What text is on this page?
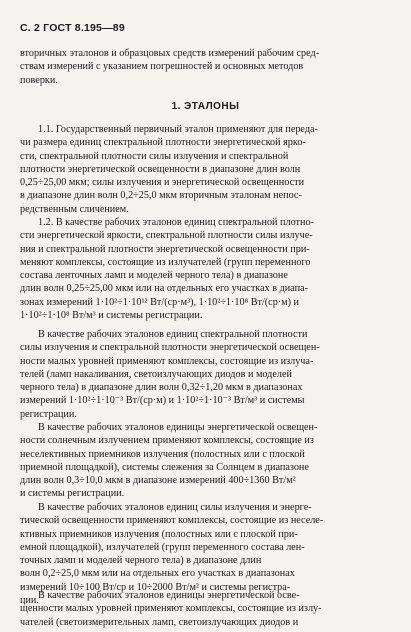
С. 2 ГОСТ 8.195—89
вторичных эталонов и образцовых средств измерений рабочим сред-
ствам измерений с указанием погрешностей и основных методов
поверки.
1. ЭТАЛОНЫ
1.1. Государственный первичный эталон применяют для переда-
чи размера единиц спектральной плотности энергетической ярко-
сти, спектральной плотности силы излучения и спектральной
плотности энергетической освещенности в диапазоне длин волн
0,25÷25,00 мкм; силы излучения и энергетической освещенности
в диапазоне длин волн 0,2÷25,0 мкм вторичным эталонам непос-
редственным сличением.
1.2. В качестве рабочих эталонов единиц спектральной плотно-
сти энергетической яркости, спектральной плотности силы излуче-
ния и спектральной плотности энергетической освещенности при-
меняют комплексы, состоящие из излучателей (групп переменного
состава ленточных ламп и моделей черного тела) в диапазоне
длин волн 0,25÷25,00 мкм или на отдельных его участках в диапа-
зонах измерений 1·10²÷1·10¹² Вт/(ср·м³), 1·10²÷1·10⁸ Вт/(ср·м) и
1·10²÷1·10⁸ Вт/м³ и системы регистрации.
В качестве рабочих эталонов единиц спектральной плотности
силы излучения и спектральной плотности энергетической освещен-
ности малых уровней применяют комплексы, состоящие из излуча-
телей (ламп накаливания, светоизлучающих диодов и моделей
черного тела) в диапазоне длин волн 0,32÷1,20 мкм в диапазонах
измерений 1·10²÷1·10⁻³ Вт/(ср·м) и 1·10²÷1·10⁻³ Вт/м³ и системы
регистрации.
В качестве рабочих эталонов единицы энергетической освещен-
ности солнечным излучением применяют комплексы, состоящие из
неселективных приемников излучения (полостных или с плоской
приемной площадкой), системы слежения за Солнцем в диапазоне
длин волн 0,3÷10,0 мкм в диапазоне измерений 400÷1360 Вт/м²
и системы регистрации.
В качестве рабочих эталонов единиц силы излучения и энерге-
тической освещенности применяют комплексы, состоящие из неселе-
ктивных приемников излучения (полостных или с плоской при-
емной площадкой), излучателей (групп переменного состава лен-
точных ламп и моделей черного тела) в диапазоне длин
волн 0,2÷25,0 мкм или на отдельных его участках в диапазонах
измерений 10÷100 Вт/ср и 10÷2000 Вт/м² и системы регистра-
ции. В качестве рабочих эталонов единицы энергетической осве-
щенности малых уровней применяют комплексы, состоящие из излу-
чателей (светоизмерительных ламп, светоизлучающих диодов и
